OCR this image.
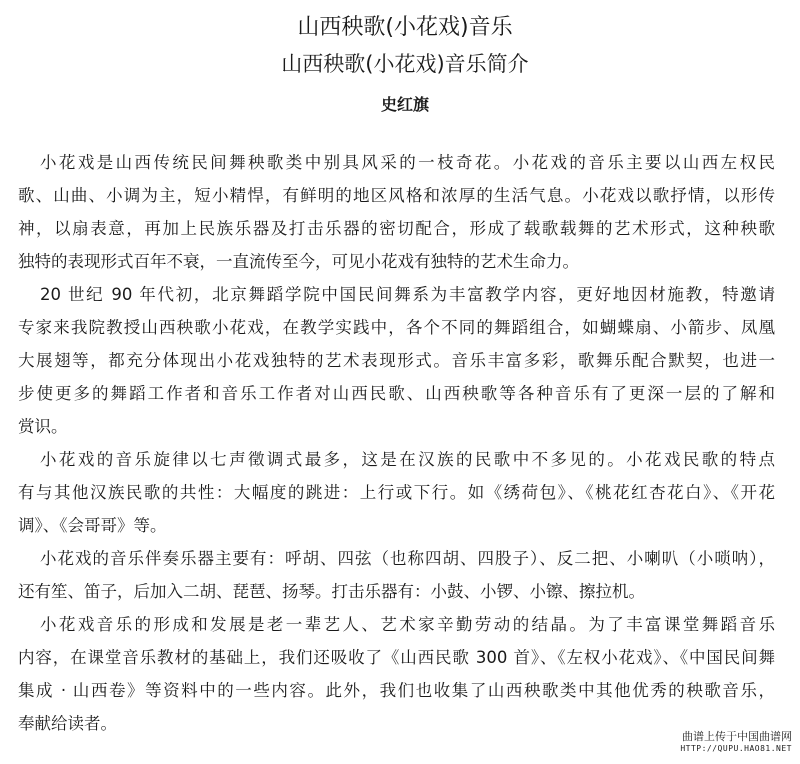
山西秧歌(小花戏)音乐
山西秧歌(小花戏)音乐简介
史红旗
小花戏是山西传统民间舞秧歌类中别具风采的一枝奇花。小花戏的音乐主要以山西左权民
歌、山曲、小调为主，短小精悍，有鲜明的地区风格和浓厚的生活气息。小花戏以歌抒情，以形传
神，以扇表意，再加上民族乐器及打击乐器的密切配合，形成了载歌载舞的艺术形式，这种秧歌
独特的表现形式百年不衰，一直流传至今，可见小花戏有独特的艺术生命力。
20 世纪 90 年代初，北京舞蹈学院中国民间舞系为丰富教学内容，更好地因材施教，特邀请
专家来我院教授山西秧歌小花戏，在教学实践中，各个不同的舞蹈组合，如蝴蝶扇、小箭步、凤凰
大展翅等，都充分体现出小花戏独特的艺术表现形式。音乐丰富多彩，歌舞乐配合默契，也进一
步使更多的舞蹈工作者和音乐工作者对山西民歌、山西秧歌等各种音乐有了更深一层的了解和
赏识。
小花戏的音乐旋律以七声徵调式最多，这是在汉族的民歌中不多见的。小花戏民歌的特点
有与其他汉族民歌的共性：大幅度的跳进：上行或下行。如《绣荷包》、《桃花红杏花白》、《开花
调》、《会哥哥》等。
小花戏的音乐伴奏乐器主要有：呼胡、四弦（也称四胡、四股子）、反二把、小喇叭（小唢呐），
还有笙、笛子，后加入二胡、琵琶、扬琴。打击乐器有：小鼓、小锣、小镲、擦拉机。
小花戏音乐的形成和发展是老一辈艺人、艺术家辛勤劳动的结晶。为了丰富课堂舞蹈音乐
内容，在课堂音乐教材的基础上，我们还吸收了《山西民歌 300 首》、《左权小花戏》、《中国民间舞
集成 · 山西卷》等资料中的一些内容。此外，我们也收集了山西秧歌类中其他优秀的秧歌音乐，
奉献给读者。
曲谱上传于中国曲谱网
HTTP://QUPU.HAO81.NET
